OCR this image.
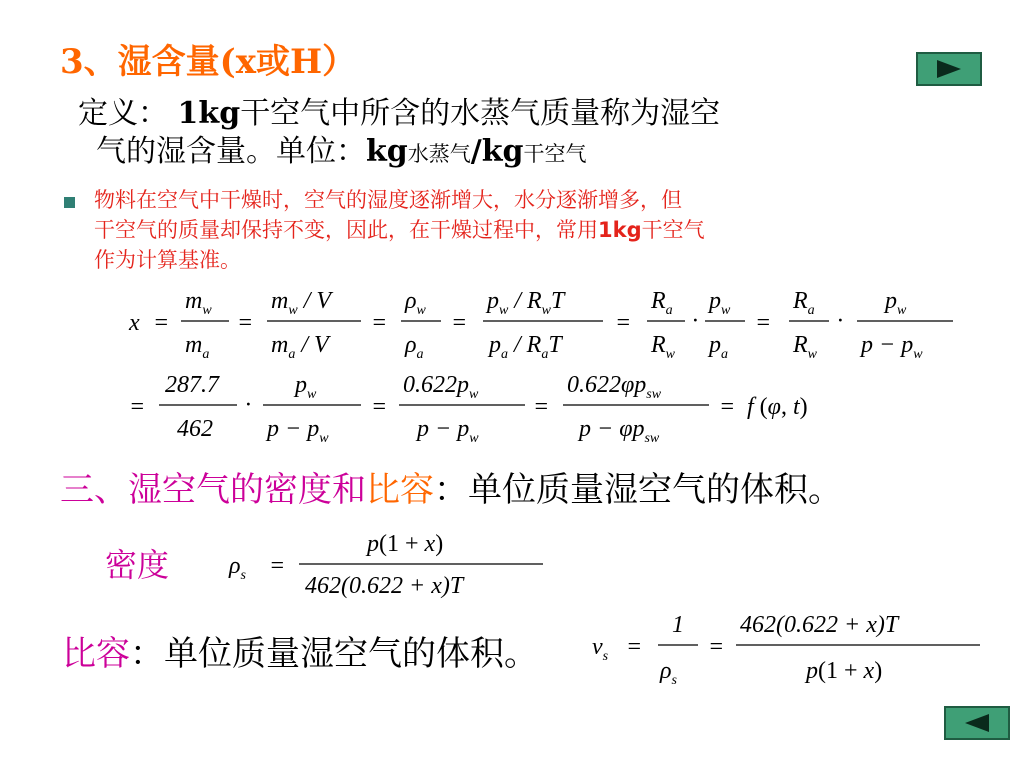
3、湿含量(x或H）
定义： 1kg干空气中所含的水蒸气质量称为湿空
气的湿含量。单位：kg水蒸气/kg干空气
物料在空气中干燥时，空气的湿度逐渐增大，水分逐渐增多，但
干空气的质量却保持不变，因此，在干燥过程中，常用1kg干空气
作为计算基准。
x =
$m_w$
$m_a$
=
$m_w$ / V
$m_a$ / V
=
$\rho_w$
$\rho_a$
=
$p_w / R_wT$
$p_a / R_aT$
=
$R_a$
$R_w$
·
$p_w$
$p_a$
=
$R_a$
$R_w$
·
$p_w$
$p - p_w$
=
287.7
462
·
$p_w$
$p - p_w$
=
$0.622p_w$
$p - p_w$
=
$0.622\varphi p_{sw}$
$p - \varphi p_{sw}$
= f (φ, t)
三、湿空气的密度和比容：单位质量湿空气的体积。
密度 $\rho_s$ =
p(1 + x)
462(0.622 + x)T
比容：单位质量湿空气的体积。 $v_s$ =
1
$\rho_s$
=
462(0.622 + x)T
p(1 + x)
